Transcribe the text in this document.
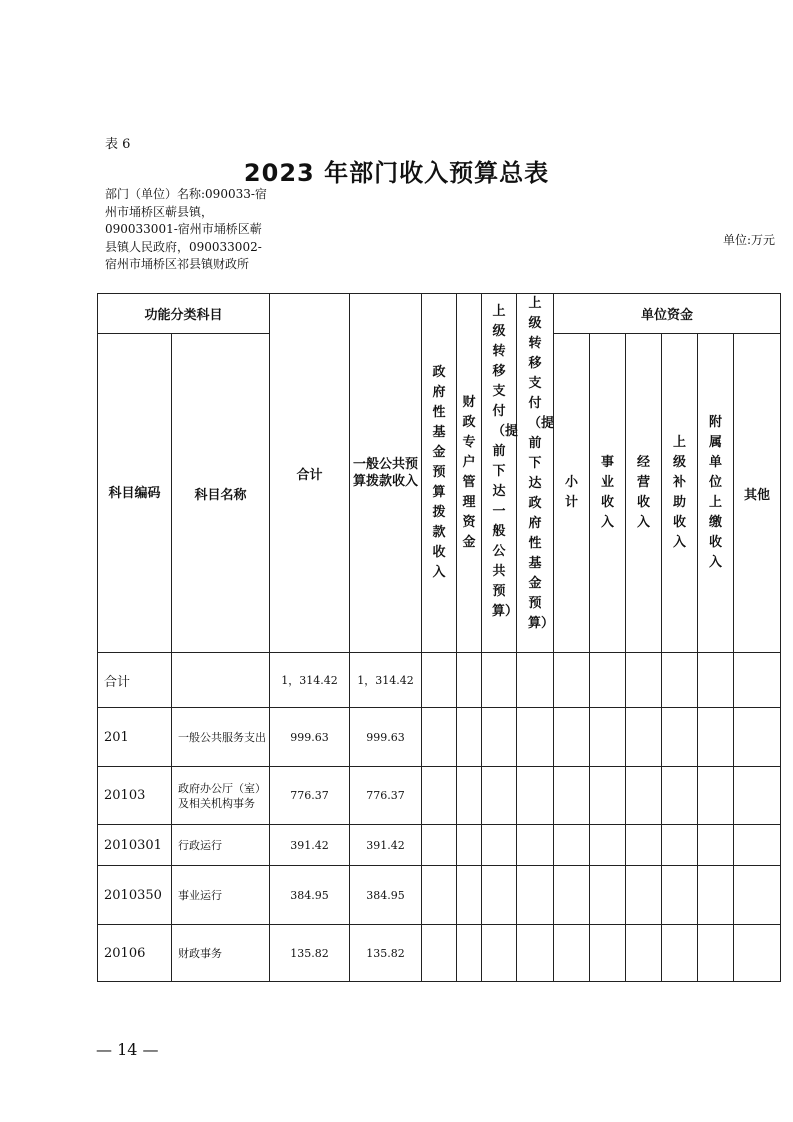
表 6
2023 年部门收入预算总表
部门（单位）名称:090033-宿州市埇桥区蕲县镇，090033001-宿州市埇桥区蕲县镇人民政府，090033002-宿州市埇桥区祁县镇财政所
单位:万元
功能分类科目		合计	一般公共预算拨款收入	政府性基金预算拨款收入	财政专户管理资金	上级转移支付（提前下达一般公共预算）	上级转移支付（提前下达政府性基金预算）	单位资金					
科目编码	科目名称							小计	事业收入	经营收入	上级补助收入	附属单位上缴收入	其他
合计		1，314.42	1，314.42										
201	一般公共服务支出	999.63	999.63										
20103	政府办公厅（室）及相关机构事务	776.37	776.37										
2010301	行政运行	391.42	391.42										
2010350	事业运行	384.95	384.95										
20106	财政事务	135.82	135.82										
— 14 —
